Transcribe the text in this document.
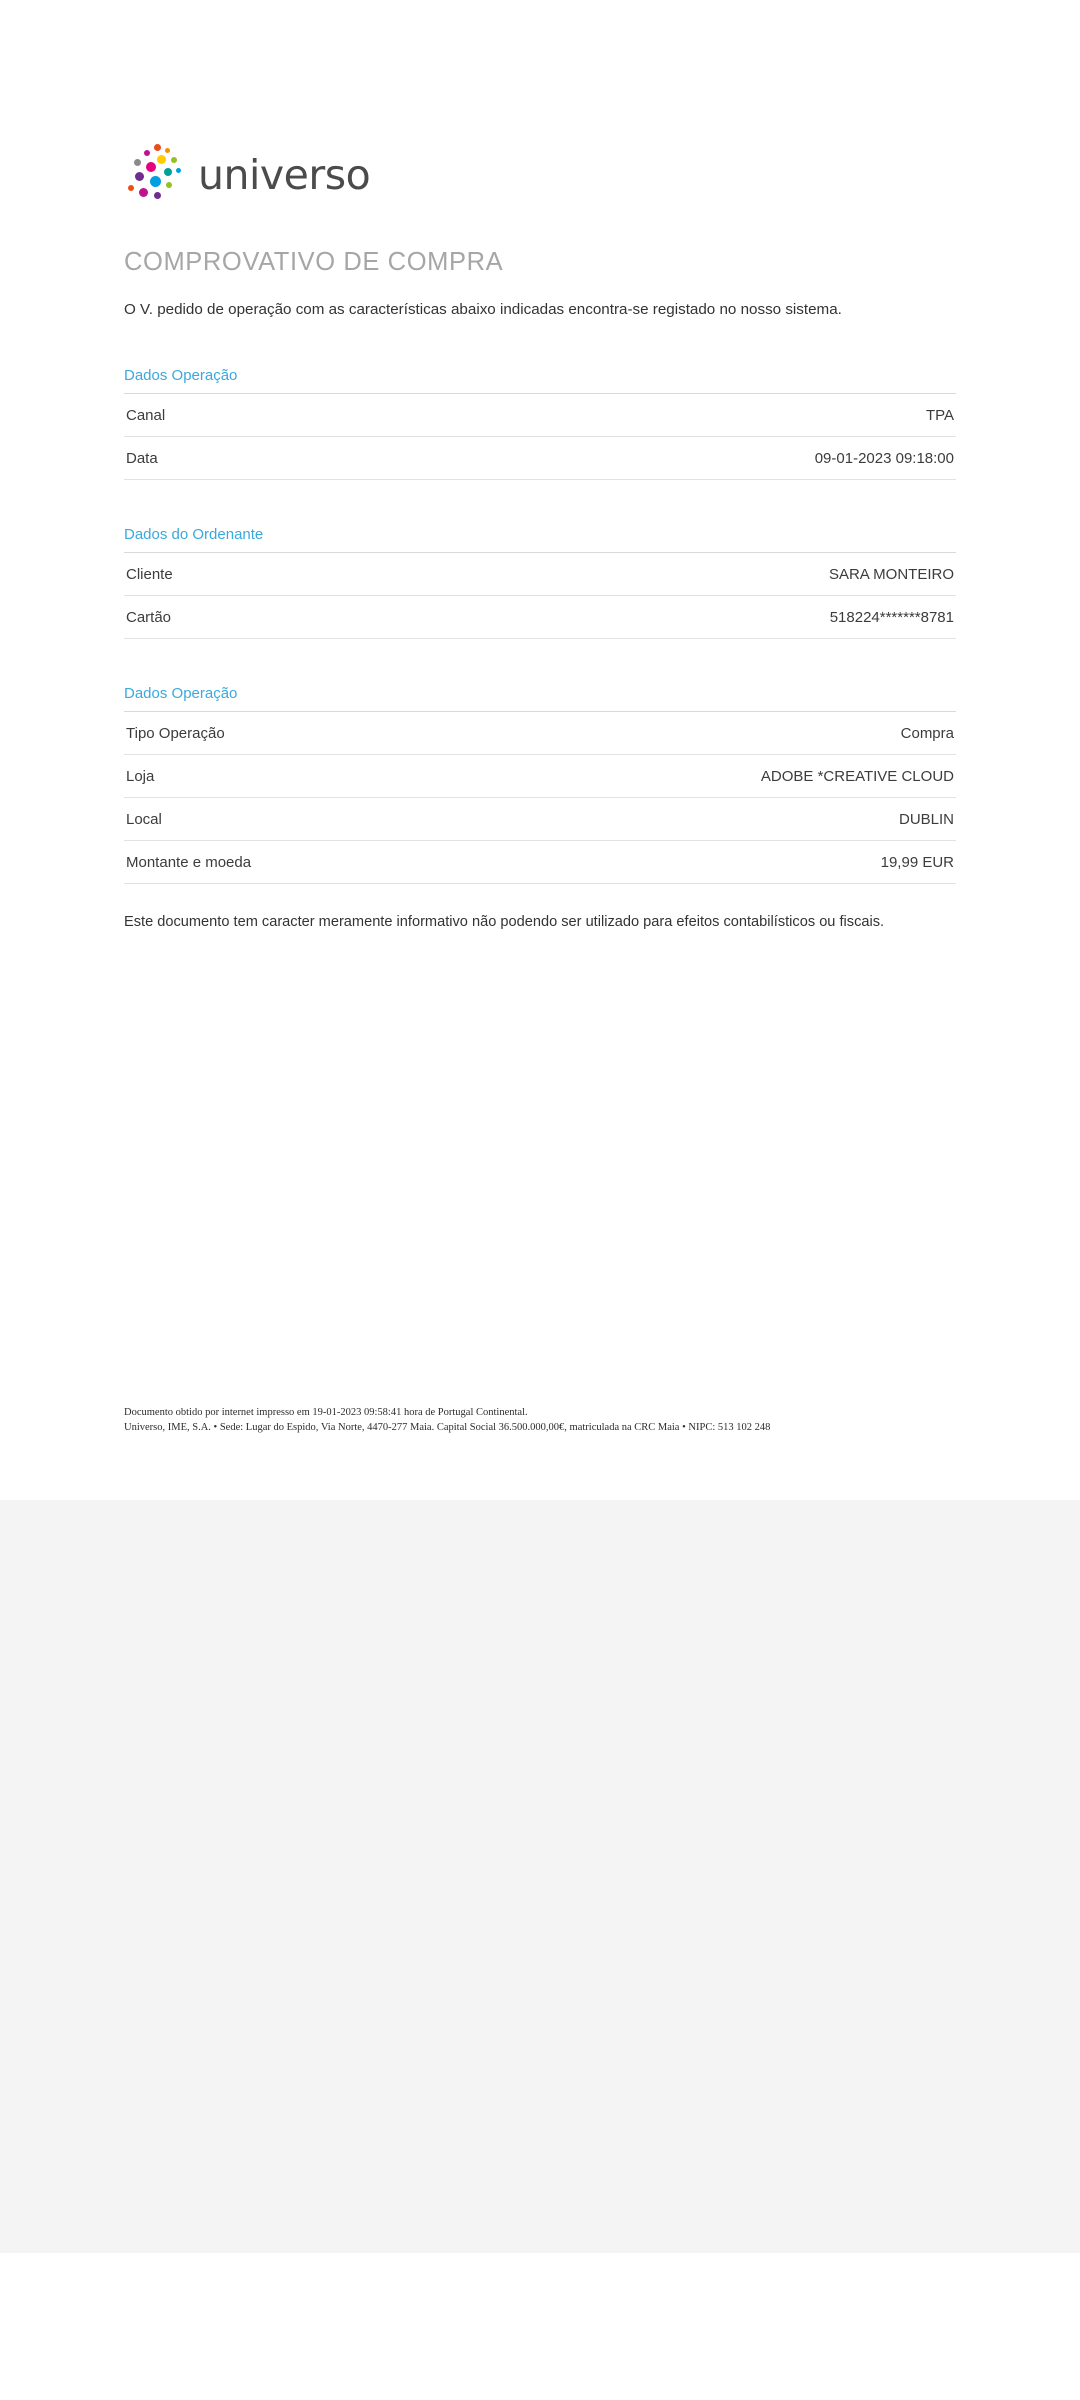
universo
COMPROVATIVO DE COMPRA

O V. pedido de operação com as características abaixo indicadas encontra-se registado no nosso sistema.

Dados Operação
Canal	TPA
Data	09-01-2023 09:18:00
Dados do Ordenante
Cliente	SARA MONTEIRO
Cartão	518224*******8781
Dados Operação
Tipo Operação	Compra
Loja	ADOBE *CREATIVE CLOUD
Local	DUBLIN
Montante e moeda	19,99 EUR

Este documento tem caracter meramente informativo não podendo ser utilizado para efeitos contabilísticos ou fiscais.

Documento obtido por internet impresso em 19-01-2023 09:58:41 hora de Portugal Continental.
Universo, IME, S.A. • Sede: Lugar do Espido, Via Norte, 4470-277 Maia. Capital Social 36.500.000,00€, matriculada na CRC Maia • NIPC: 513 102 248
